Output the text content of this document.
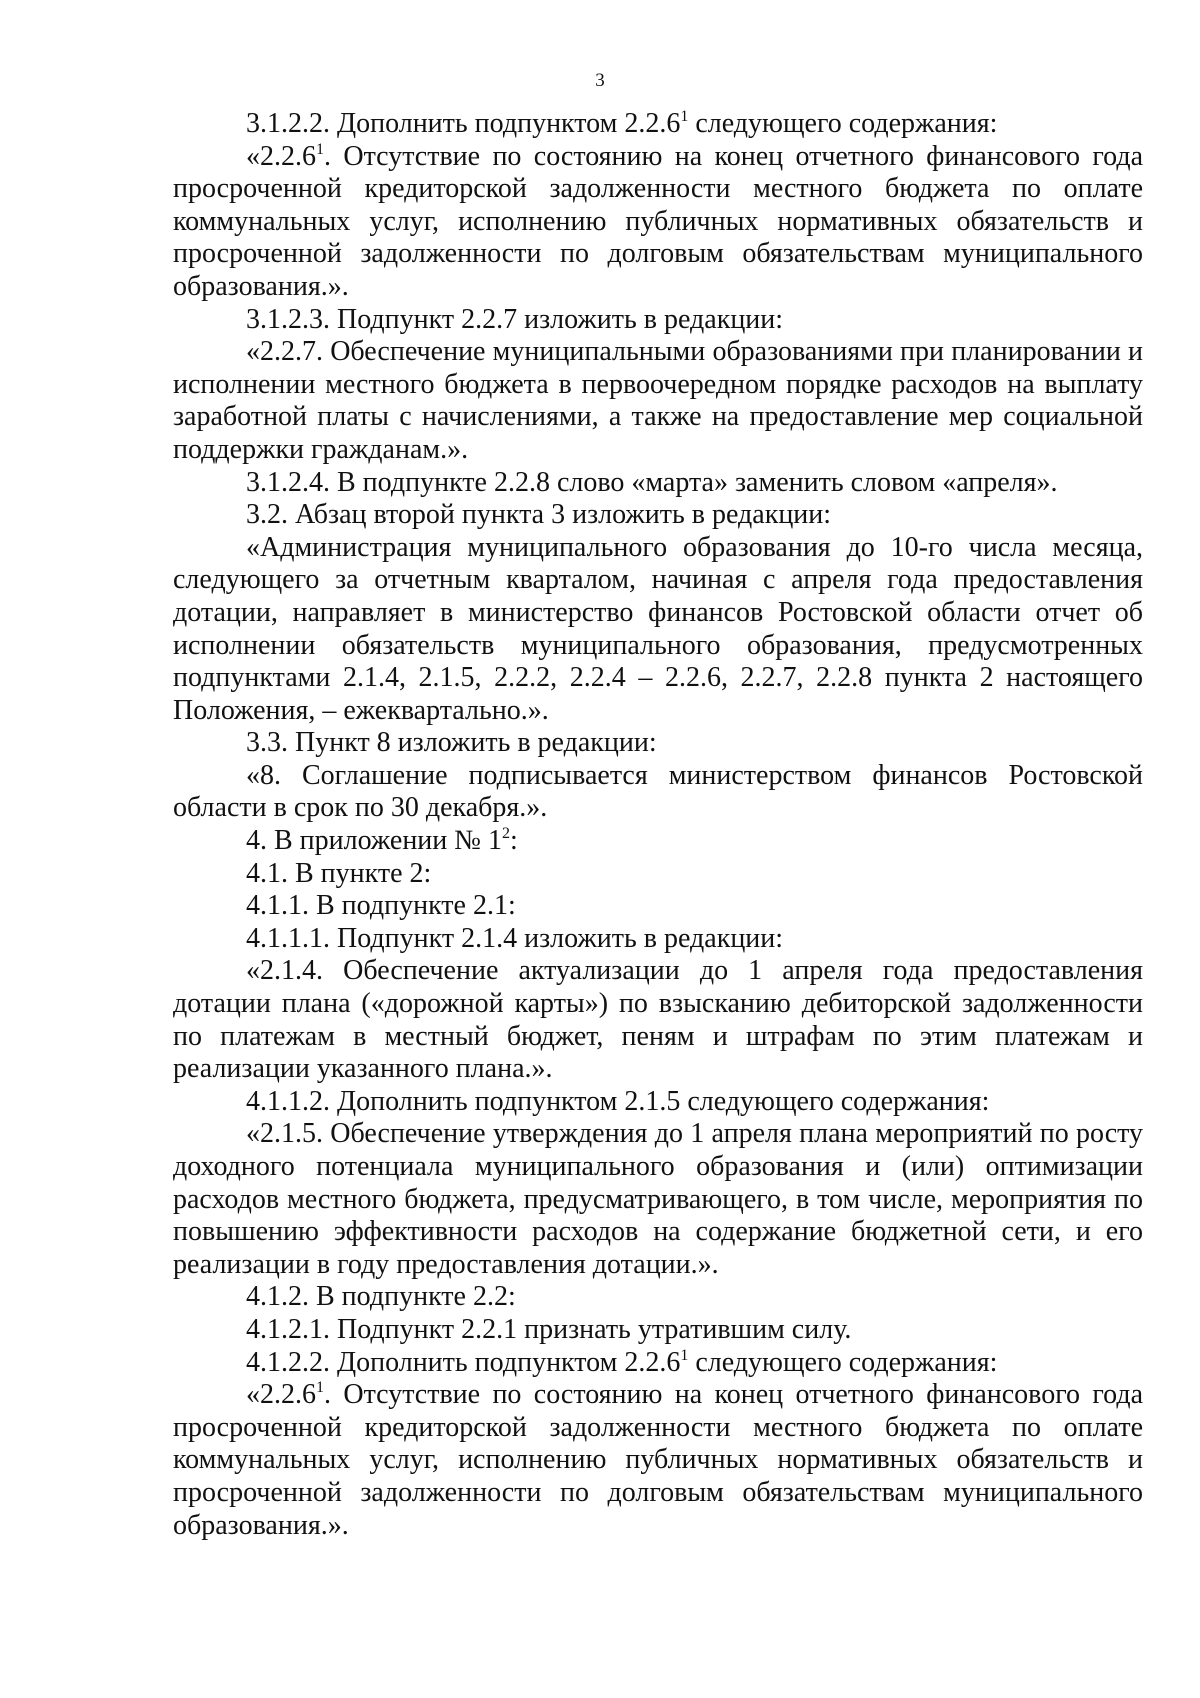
3

3.1.2.2. Дополнить подпунктом 2.2.6$^1$ следующего содержания:

«2.2.6$^1$. Отсутствие по состоянию на конец отчетного финансового года просроченной кредиторской задолженности местного бюджета по оплате коммунальных услуг, исполнению публичных нормативных обязательств и просроченной задолженности по долговым обязательствам муниципального образования.».

3.1.2.3. Подпункт 2.2.7 изложить в редакции:

«2.2.7. Обеспечение муниципальными образованиями при планировании и исполнении местного бюджета в первоочередном порядке расходов на выплату заработной платы с начислениями, а также на предоставление мер социальной поддержки гражданам.».

3.1.2.4. В подпункте 2.2.8 слово «марта» заменить словом «апреля».

3.2. Абзац второй пункта 3 изложить в редакции:

«Администрация муниципального образования до 10-го числа месяца, следующего за отчетным кварталом, начиная с апреля года предоставления дотации, направляет в министерство финансов Ростовской области отчет об исполнении обязательств муниципального образования, предусмотренных подпунктами 2.1.4, 2.1.5, 2.2.2, 2.2.4 – 2.2.6, 2.2.7, 2.2.8 пункта 2 настоящего Положения, – ежеквартально.».

3.3. Пункт 8 изложить в редакции:

«8. Соглашение подписывается министерством финансов Ростовской области в срок по 30 декабря.».

4. В приложении № $1^2$:

4.1. В пункте 2:

4.1.1. В подпункте 2.1:

4.1.1.1. Подпункт 2.1.4 изложить в редакции:

«2.1.4. Обеспечение актуализации до 1 апреля года предоставления дотации плана («дорожной карты») по взысканию дебиторской задолженности по платежам в местный бюджет, пеням и штрафам по этим платежам и реализации указанного плана.».

4.1.1.2. Дополнить подпунктом 2.1.5 следующего содержания:

«2.1.5. Обеспечение утверждения до 1 апреля плана мероприятий по росту доходного потенциала муниципального образования и (или) оптимизации расходов местного бюджета, предусматривающего, в том числе, мероприятия по повышению эффективности расходов на содержание бюджетной сети, и его реализации в году предоставления дотации.».

4.1.2. В подпункте 2.2:

4.1.2.1. Подпункт 2.2.1 признать утратившим силу.

4.1.2.2. Дополнить подпунктом 2.2.6$^1$ следующего содержания:

«2.2.6$^1$. Отсутствие по состоянию на конец отчетного финансового года просроченной кредиторской задолженности местного бюджета по оплате коммунальных услуг, исполнению публичных нормативных обязательств и просроченной задолженности по долговым обязательствам муниципального образования.».
